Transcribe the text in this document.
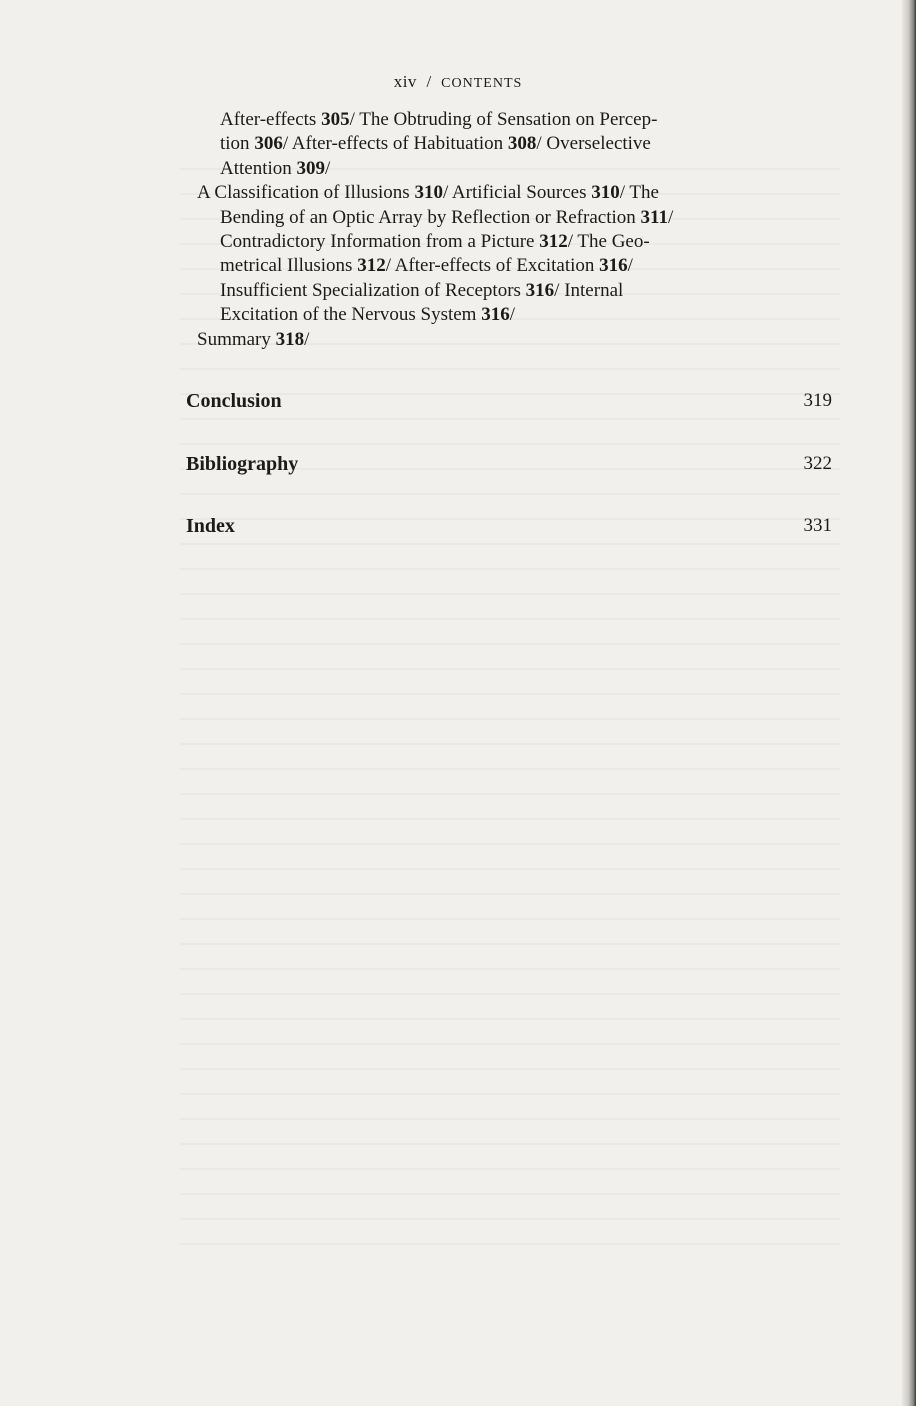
xiv / CONTENTS
After-effects 305/ The Obtruding of Sensation on Percep-
tion 306/ After-effects of Habituation 308/ Overselective
Attention 309/
A Classification of Illusions 310/ Artificial Sources 310/ The
Bending of an Optic Array by Reflection or Refraction 311/
Contradictory Information from a Picture 312/ The Geo-
metrical Illusions 312/ After-effects of Excitation 316/
Insufficient Specialization of Receptors 316/ Internal
Excitation of the Nervous System 316/
Summary 318/
Conclusion	319
Bibliography	322
Index	331
